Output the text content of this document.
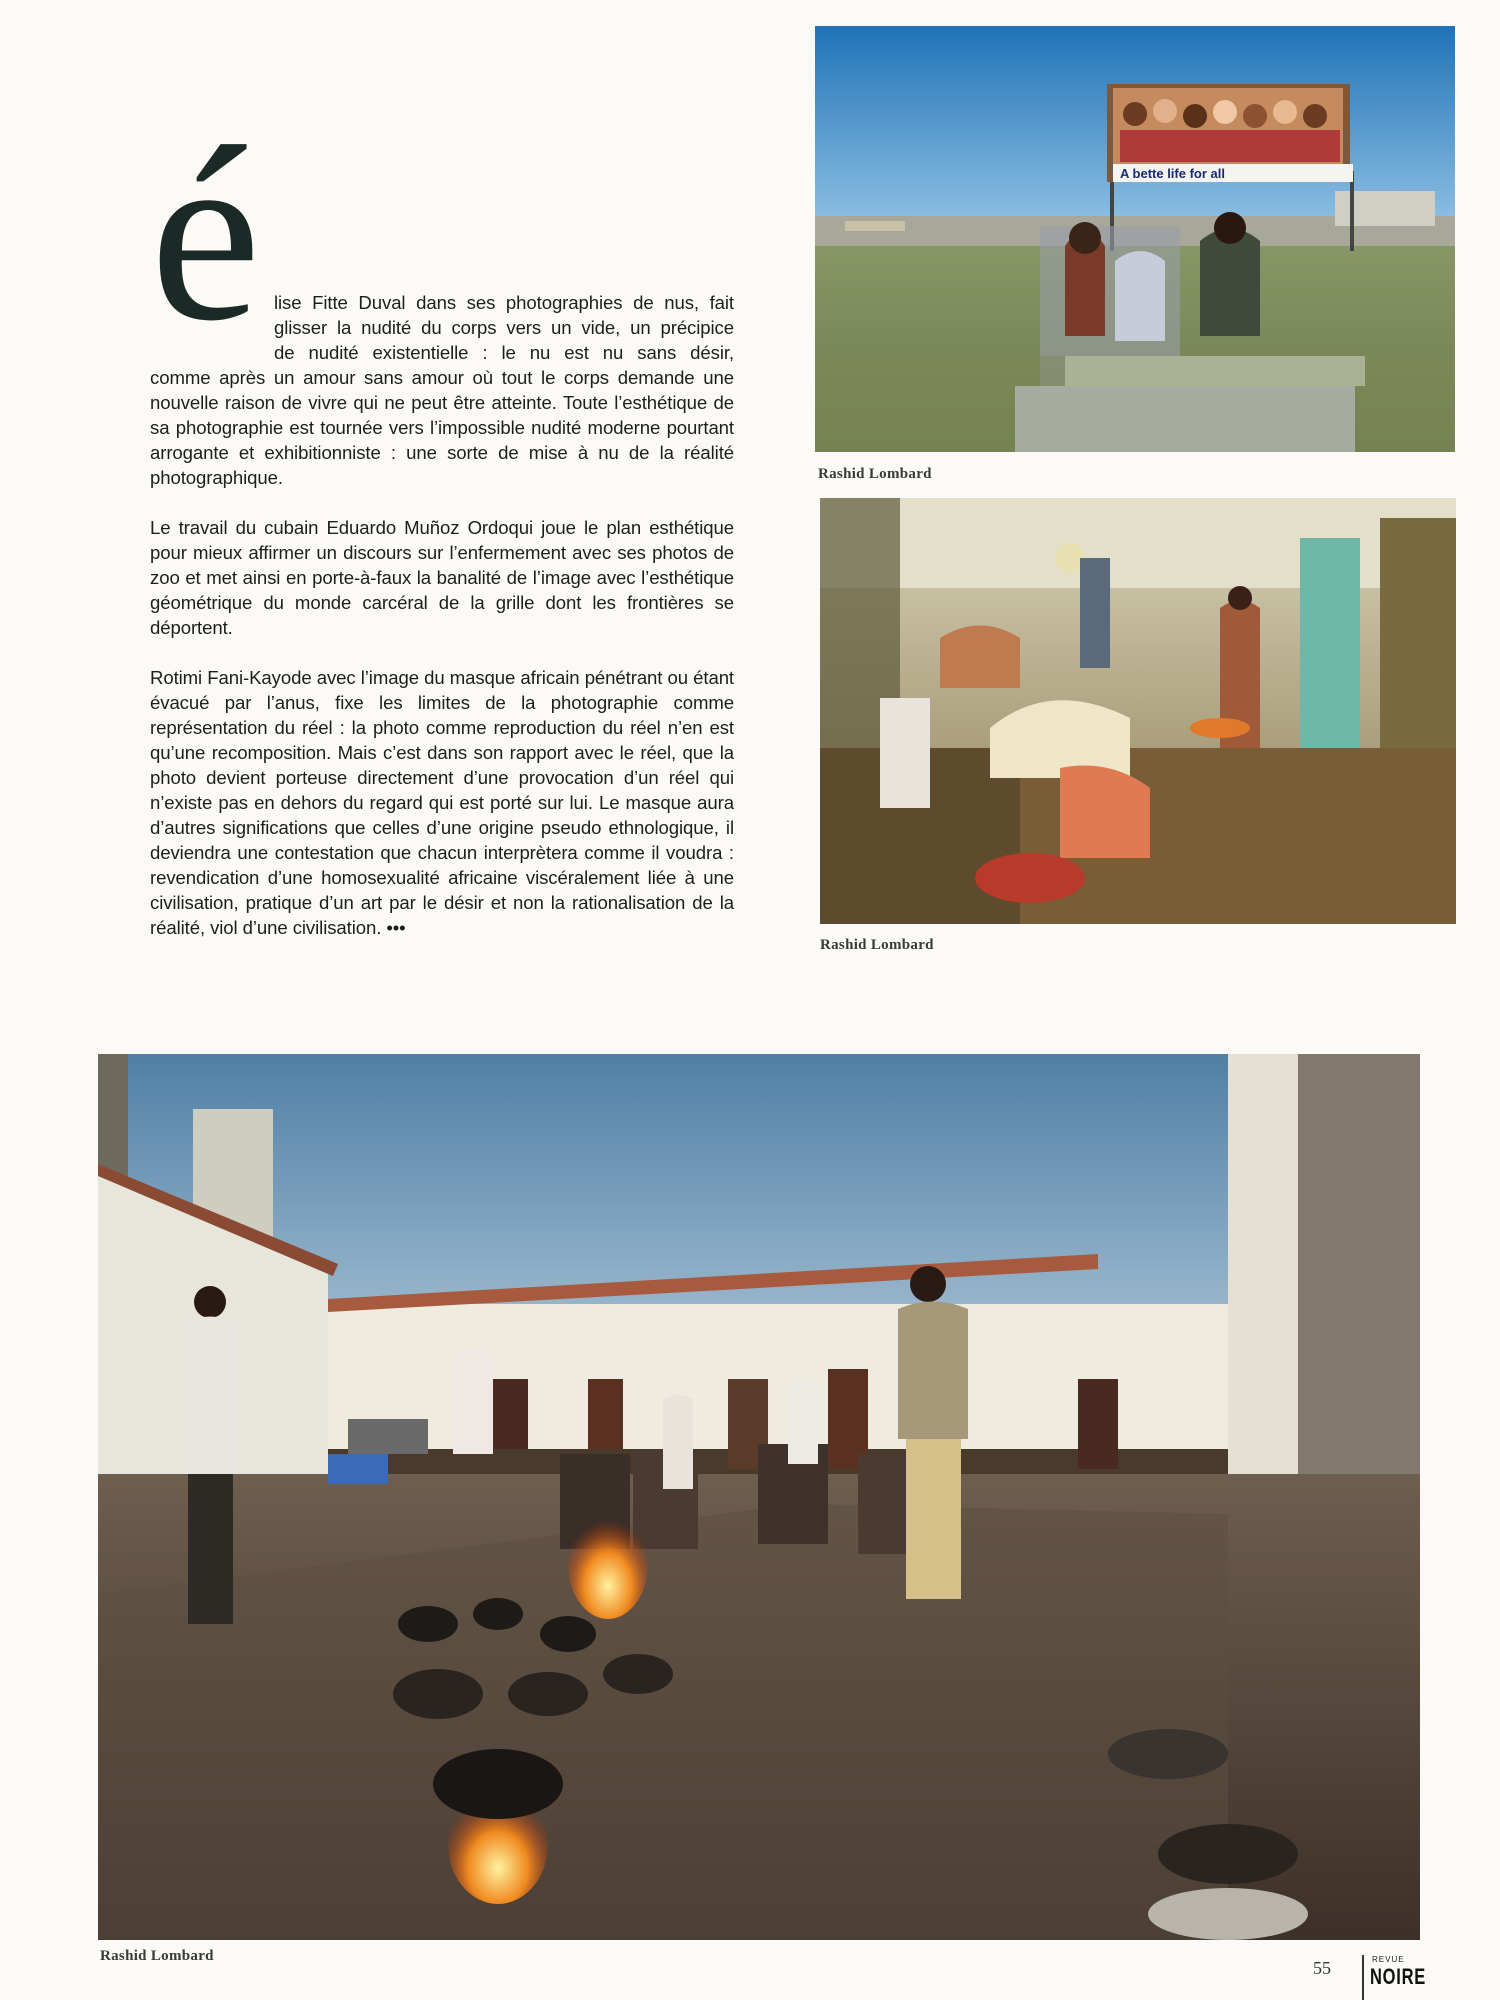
é lise Fitte Duval dans ses photographies de nus, fait
glisser la nudité du corps vers un vide, un précipice
de nudité existentielle : le nu est nu sans désir,

comme après un amour sans amour où tout le corps demande une nouvelle raison de vivre qui ne peut être atteinte. Toute l’esthétique de sa photographie est tournée vers l’impossible nudité moderne pourtant arrogante et exhibitionniste : une sorte de mise à nu de la réalité photographique.

Le travail du cubain Eduardo Muñoz Ordoqui joue le plan esthétique pour mieux affirmer un discours sur l’enfermement avec ses photos de zoo et met ainsi en porte-à-faux la banalité de l’image avec l’esthétique géométrique du monde carcéral de la grille dont les frontières se déportent.

Rotimi Fani-Kayode avec l’image du masque africain pénétrant ou étant évacué par l’anus, fixe les limites de la photographie comme représentation du réel : la photo comme reproduction du réel n’en est qu’une recomposition. Mais c’est dans son rapport avec le réel, que la photo devient porteuse directement d’une provocation d’un réel qui n’existe pas en dehors du regard qui est porté sur lui. Le masque aura d’autres significations que celles d’une origine pseudo ethnologique, il deviendra une contestation que chacun interprètera comme il voudra : revendication d’une homosexualité africaine viscéralement liée à une civilisation, pratique d’un art par le désir et non la rationalisation de la réalité, viol d’une civilisation. •••

A bette life for all
Rashid Lombard
Rashid Lombard
Rashid Lombard
55	REVUE
NOIRE
